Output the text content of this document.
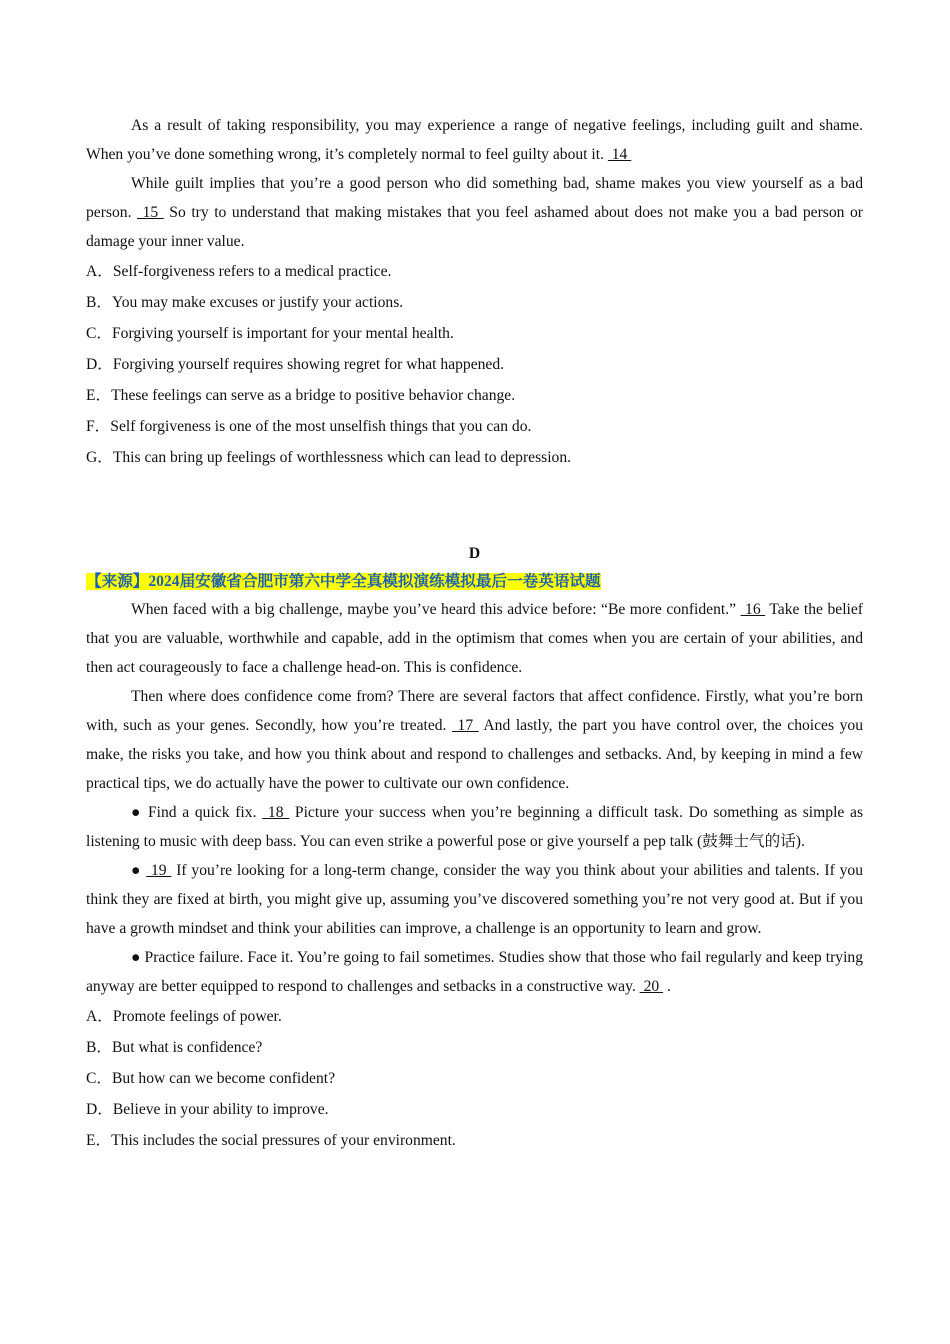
As a result of taking responsibility, you may experience a range of negative feelings, including guilt and shame. When you’ve done something wrong, it’s completely normal to feel guilty about it.  14

While guilt implies that you’re a good person who did something bad, shame makes you view yourself as a bad person.  15  So try to understand that making mistakes that you feel ashamed about does not make you a bad person or damage your inner value.

A．Self-forgiveness refers to a medical practice.

B．You may make excuses or justify your actions.

C．Forgiving yourself is important for your mental health.

D．Forgiving yourself requires showing regret for what happened.

E．These feelings can serve as a bridge to positive behavior change.

F．Self forgiveness is one of the most unselfish things that you can do.

G．This can bring up feelings of worthlessness which can lead to depression.

D

【来源】2024届安徽省合肥市第六中学全真模拟演练模拟最后一卷英语试题

When faced with a big challenge, maybe you’ve heard this advice before: “Be more confident.”  16  Take the belief that you are valuable, worthwhile and capable, add in the optimism that comes when you are certain of your abilities, and then act courageously to face a challenge head-on. This is confidence.

Then where does confidence come from? There are several factors that affect confidence. Firstly, what you’re born with, such as your genes. Secondly, how you’re treated.  17  And lastly, the part you have control over, the choices you make, the risks you take, and how you think about and respond to challenges and setbacks. And, by keeping in mind a few practical tips, we do actually have the power to cultivate our own confidence.

● Find a quick fix.  18  Picture your success when you’re beginning a difficult task. Do something as simple as listening to music with deep bass. You can even strike a powerful pose or give yourself a pep talk (鼓舞士气的话).

●  19  If you’re looking for a long-term change, consider the way you think about your abilities and talents. If you think they are fixed at birth, you might give up, assuming you’ve discovered something you’re not very good at. But if you have a growth mindset and think your abilities can improve, a challenge is an opportunity to learn and grow.

● Practice failure. Face it. You’re going to fail sometimes. Studies show that those who fail regularly and keep trying anyway are better equipped to respond to challenges and setbacks in a constructive way.  20  .

A．Promote feelings of power.

B．But what is confidence?

C．But how can we become confident?

D．Believe in your ability to improve.

E．This includes the social pressures of your environment.
